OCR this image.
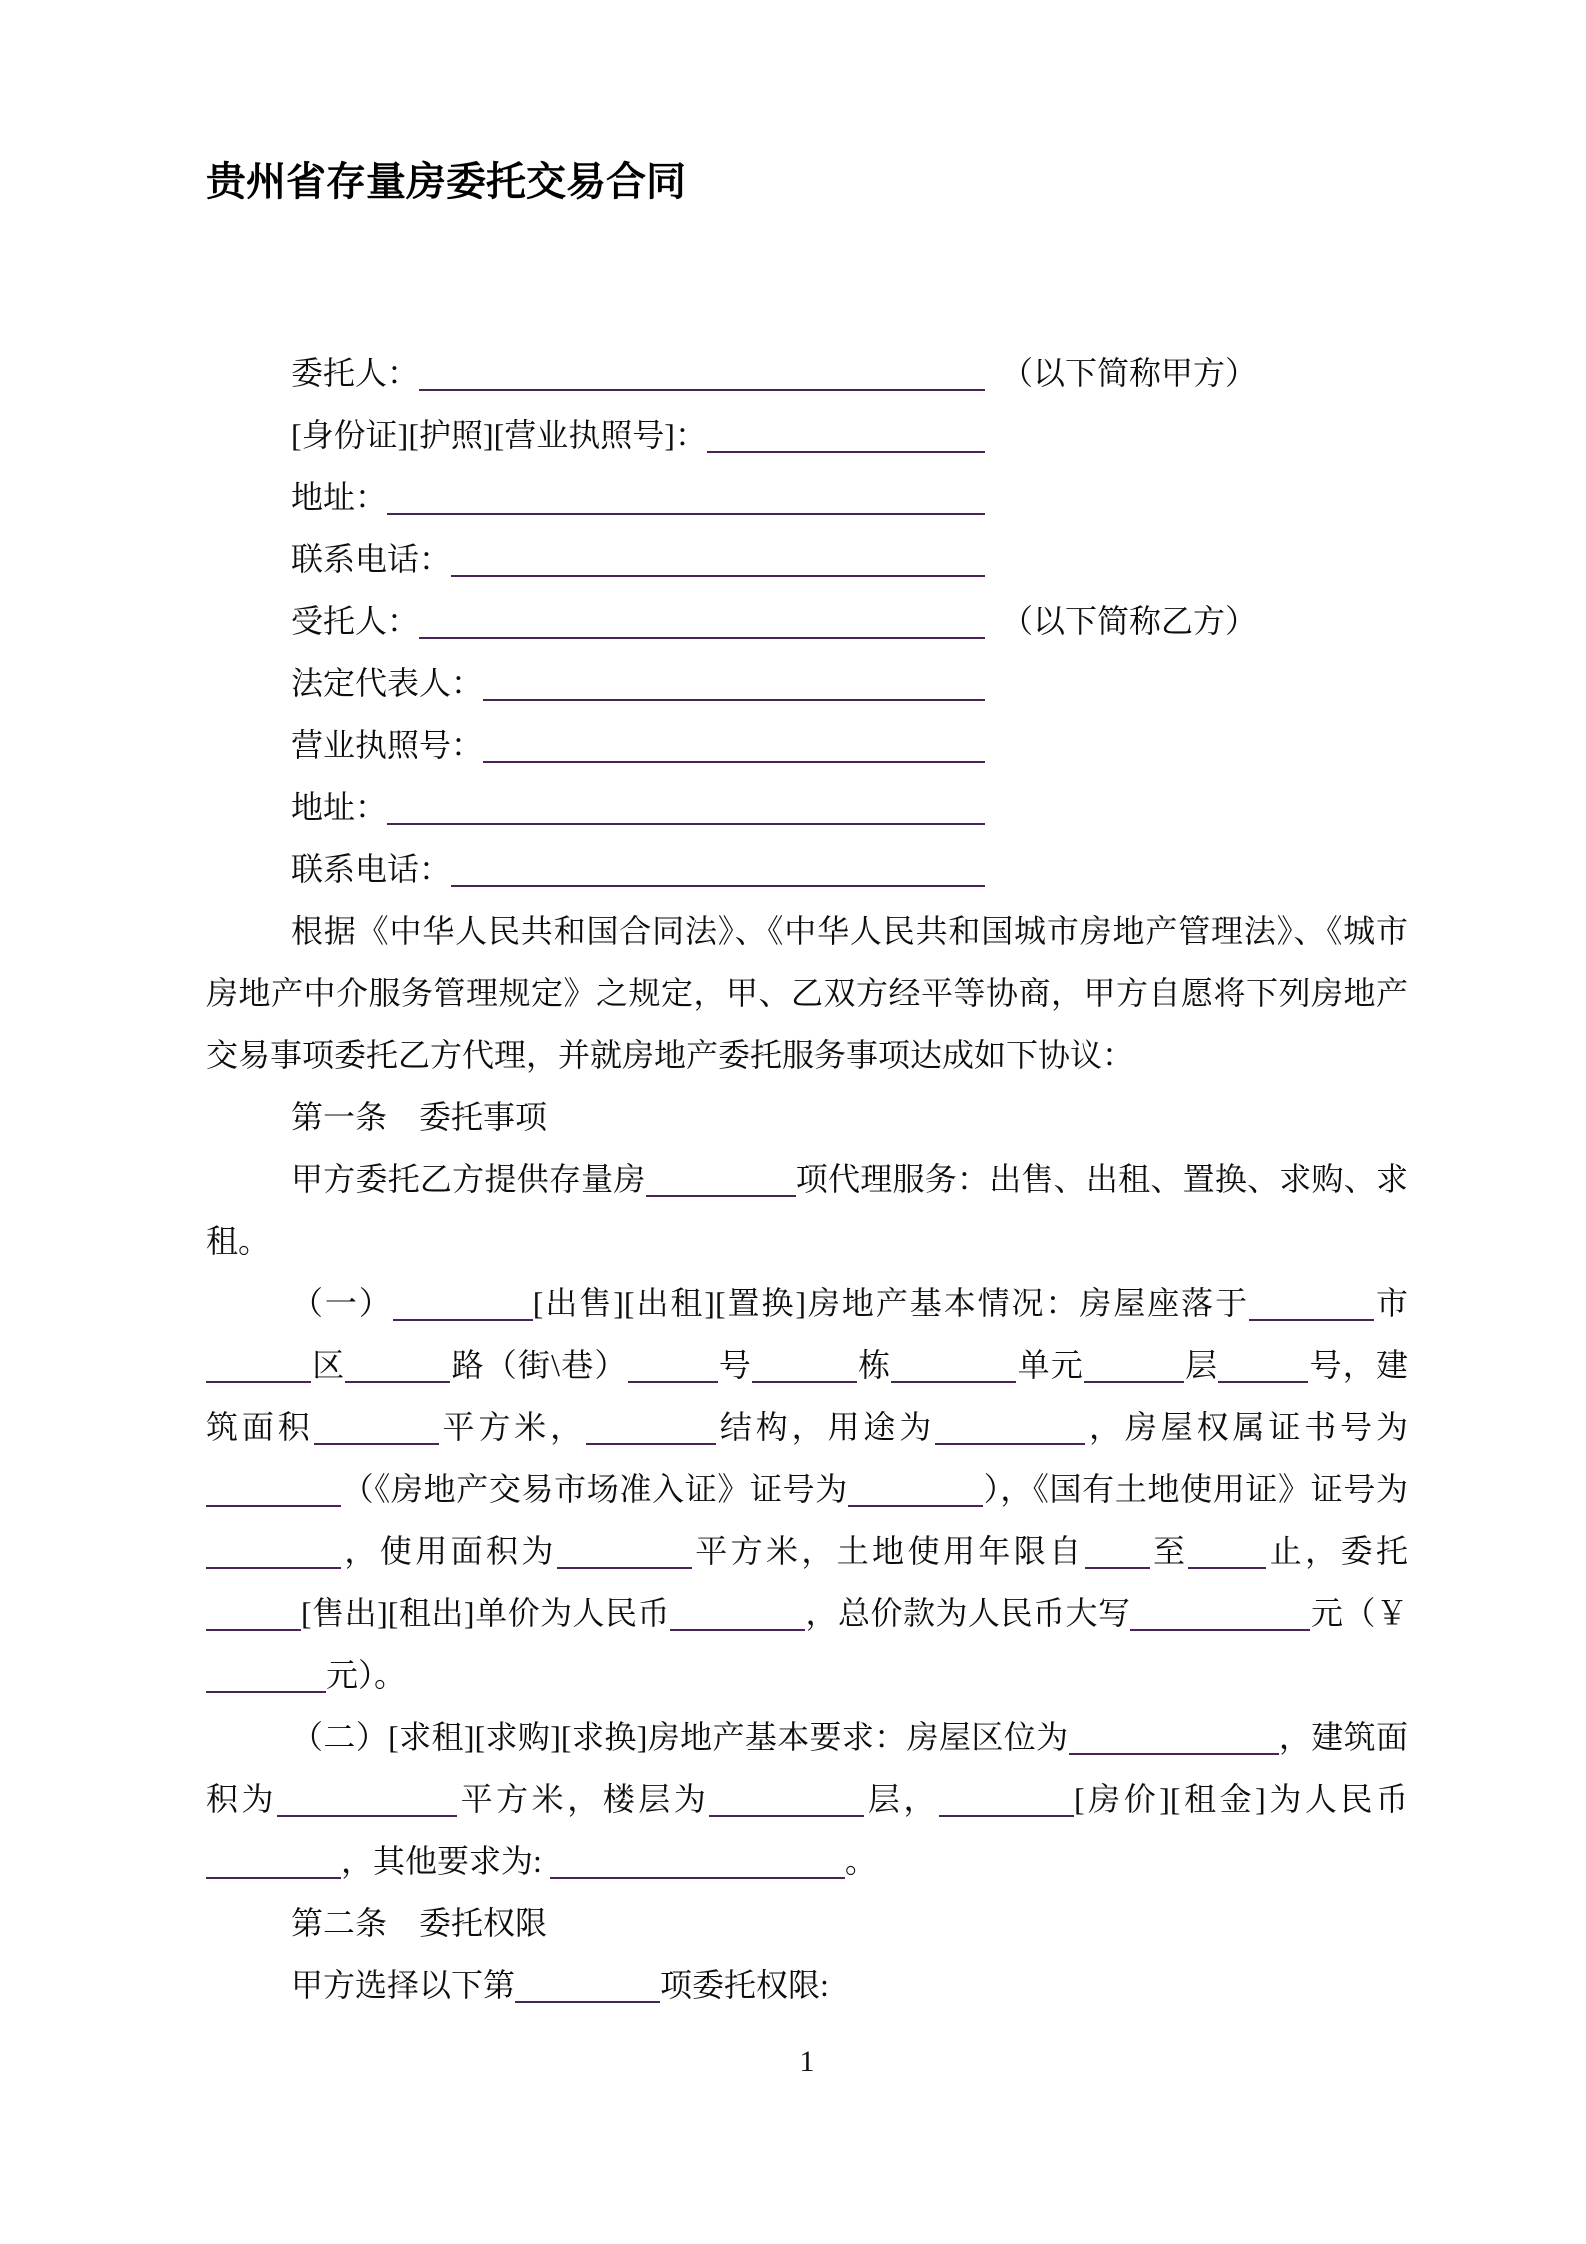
贵州省存量房委托交易合同
委托人：	（以下简称甲方）
[身份证][护照][营业执照号]：
地址：
联系电话：
受托人：	（以下简称乙方）
法定代表人：
营业执照号：
地址：
联系电话：

根据《中华人民共和国合同法》、《中华人民共和国城市房地产管理法》、《城市房地产中介服务管理规定》之规定，甲、乙双方经平等协商，甲方自愿将下列房地产交易事项委托乙方代理，并就房地产委托服务事项达成如下协议：

第一条　委托事项

甲方委托乙方提供存量房	项代理服务：出售、出租、置换、求购、求租。

（一）	[出售][出租][置换]房地产基本情况：房屋座落于	市区	路（街\巷）	号	栋	单元	层	号，建筑面积	平方米，	结构，用途为	，房屋权属证书号为（《房地产交易市场准入证》证号为	），《国有土地使用证》证号为，使用面积为	平方米，土地使用年限自 至 止，委托[售出][租出]单价为人民币	，总价款为人民币大写	元（￥元）。

（二）[求租][求购][求换]房地产基本要求：房屋区位为	，建筑面积为	平方米，楼层为	层，	[房价][租金]为人民币，其他要求为:	。

第二条　委托权限

甲方选择以下第	项委托权限:

1
